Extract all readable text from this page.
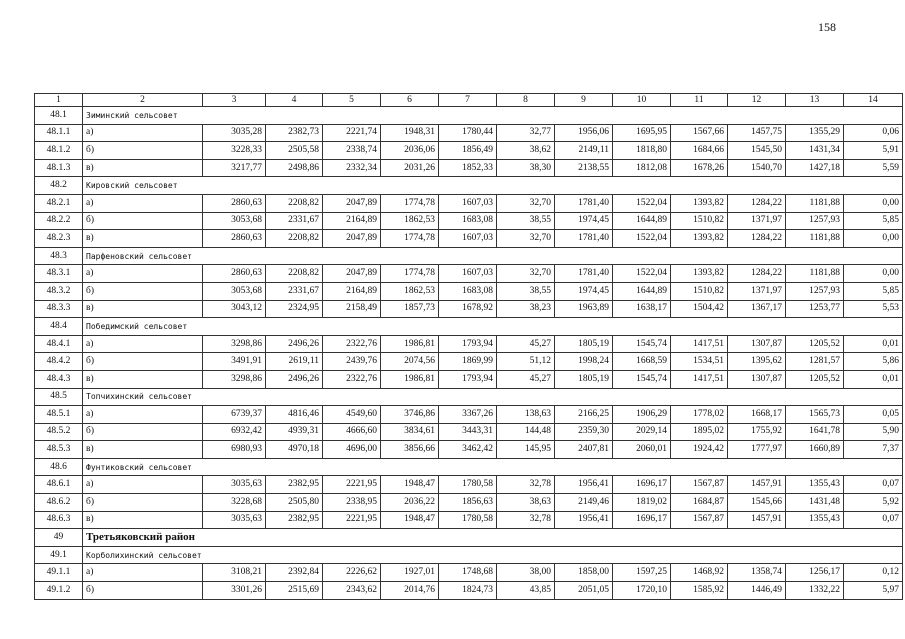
158
1	2	3	4	5	6	7	8	9	10	11	12	13	14
48.1	Зиминский сельсовет												
48.1.1	а)	3035,28	2382,73	2221,74	1948,31	1780,44	32,77	1956,06	1695,95	1567,66	1457,75	1355,29	0,06
48.1.2	б)	3228,33	2505,58	2338,74	2036,06	1856,49	38,62	2149,11	1818,80	1684,66	1545,50	1431,34	5,91
48.1.3	в)	3217,77	2498,86	2332,34	2031,26	1852,33	38,30	2138,55	1812,08	1678,26	1540,70	1427,18	5,59
48.2	Кировский сельсовет												
48.2.1	а)	2860,63	2208,82	2047,89	1774,78	1607,03	32,70	1781,40	1522,04	1393,82	1284,22	1181,88	0,00
48.2.2	б)	3053,68	2331,67	2164,89	1862,53	1683,08	38,55	1974,45	1644,89	1510,82	1371,97	1257,93	5,85
48.2.3	в)	2860,63	2208,82	2047,89	1774,78	1607,03	32,70	1781,40	1522,04	1393,82	1284,22	1181,88	0,00
48.3	Парфеновский сельсовет												
48.3.1	а)	2860,63	2208,82	2047,89	1774,78	1607,03	32,70	1781,40	1522,04	1393,82	1284,22	1181,88	0,00
48.3.2	б)	3053,68	2331,67	2164,89	1862,53	1683,08	38,55	1974,45	1644,89	1510,82	1371,97	1257,93	5,85
48.3.3	в)	3043,12	2324,95	2158,49	1857,73	1678,92	38,23	1963,89	1638,17	1504,42	1367,17	1253,77	5,53
48.4	Победимский сельсовет												
48.4.1	а)	3298,86	2496,26	2322,76	1986,81	1793,94	45,27	1805,19	1545,74	1417,51	1307,87	1205,52	0,01
48.4.2	б)	3491,91	2619,11	2439,76	2074,56	1869,99	51,12	1998,24	1668,59	1534,51	1395,62	1281,57	5,86
48.4.3	в)	3298,86	2496,26	2322,76	1986,81	1793,94	45,27	1805,19	1545,74	1417,51	1307,87	1205,52	0,01
48.5	Топчихинский сельсовет												
48.5.1	а)	6739,37	4816,46	4549,60	3746,86	3367,26	138,63	2166,25	1906,29	1778,02	1668,17	1565,73	0,05
48.5.2	б)	6932,42	4939,31	4666,60	3834,61	3443,31	144,48	2359,30	2029,14	1895,02	1755,92	1641,78	5,90
48.5.3	в)	6980,93	4970,18	4696,00	3856,66	3462,42	145,95	2407,81	2060,01	1924,42	1777,97	1660,89	7,37
48.6	Фунтиковский сельсовет												
48.6.1	а)	3035,63	2382,95	2221,95	1948,47	1780,58	32,78	1956,41	1696,17	1567,87	1457,91	1355,43	0,07
48.6.2	б)	3228,68	2505,80	2338,95	2036,22	1856,63	38,63	2149,46	1819,02	1684,87	1545,66	1431,48	5,92
48.6.3	в)	3035,63	2382,95	2221,95	1948,47	1780,58	32,78	1956,41	1696,17	1567,87	1457,91	1355,43	0,07
49	Третьяковский район												
49.1	Корболихинский сельсовет												
49.1.1	а)	3108,21	2392,84	2226,62	1927,01	1748,68	38,00	1858,00	1597,25	1468,92	1358,74	1256,17	0,12
49.1.2	б)	3301,26	2515,69	2343,62	2014,76	1824,73	43,85	2051,05	1720,10	1585,92	1446,49	1332,22	5,97
